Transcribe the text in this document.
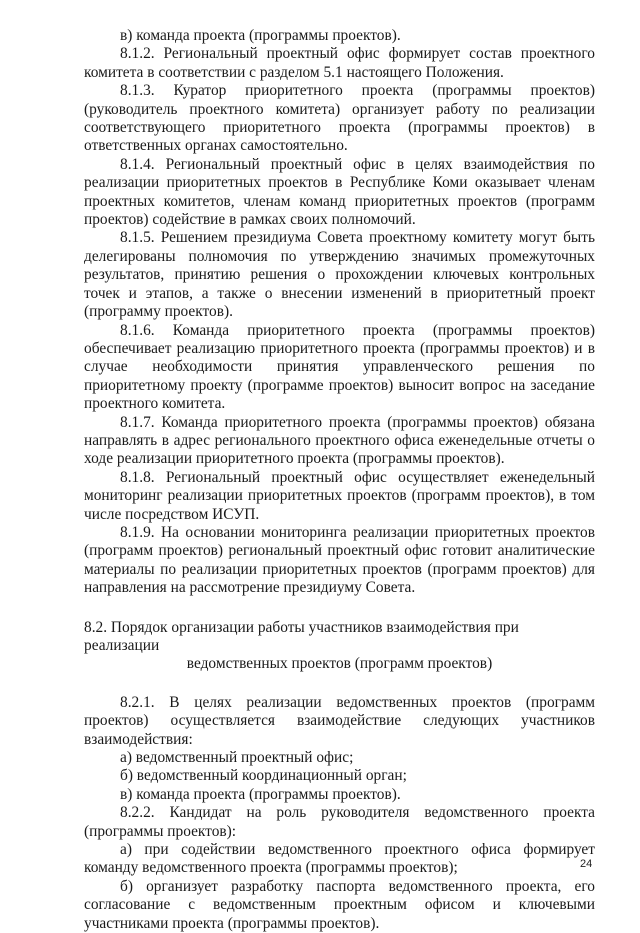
в) команда проекта (программы проектов).

8.1.2. Региональный проектный офис формирует состав проектного комитета в соответствии с разделом 5.1 настоящего Положения.

8.1.3. Куратор приоритетного проекта (программы проектов) (руководитель проектного комитета) организует работу по реализации соответствующего приоритетного проекта (программы проектов) в ответственных органах самостоятельно.

8.1.4. Региональный проектный офис в целях взаимодействия по реализации приоритетных проектов в Республике Коми оказывает членам проектных комитетов, членам команд приоритетных проектов (программ проектов) содействие в рамках своих полномочий.

8.1.5. Решением президиума Совета проектному комитету могут быть делегированы полномочия по утверждению значимых промежуточных результатов, принятию решения о прохождении ключевых контрольных точек и этапов, а также о внесении изменений в приоритетный проект (программу проектов).

8.1.6. Команда приоритетного проекта (программы проектов) обеспечивает реализацию приоритетного проекта (программы проектов) и в случае необходимости принятия управленческого решения по приоритетному проекту (программе проектов) выносит вопрос на заседание проектного комитета.

8.1.7. Команда приоритетного проекта (программы проектов) обязана направлять в адрес регионального проектного офиса еженедельные отчеты о ходе реализации приоритетного проекта (программы проектов).

8.1.8. Региональный проектный офис осуществляет еженедельный мониторинг реализации приоритетных проектов (программ проектов), в том числе посредством ИСУП.

8.1.9. На основании мониторинга реализации приоритетных проектов (программ проектов) региональный проектный офис готовит аналитические материалы по реализации приоритетных проектов (программ проектов) для направления на рассмотрение президиуму Совета.

8.2. Порядок организации работы участников взаимодействия при реализации
ведомственных проектов (программ проектов)

8.2.1. В целях реализации ведомственных проектов (программ проектов) осуществляется взаимодействие следующих участников взаимодействия:

а) ведомственный проектный офис;

б) ведомственный координационный орган;

в) команда проекта (программы проектов).

8.2.2. Кандидат на роль руководителя ведомственного проекта (программы проектов):

а) при содействии ведомственного проектного офиса формирует команду ведомственного проекта (программы проектов);

б) организует разработку паспорта ведомственного проекта, его согласование с ведомственным проектным офисом и ключевыми участниками проекта (программы проектов).

24
